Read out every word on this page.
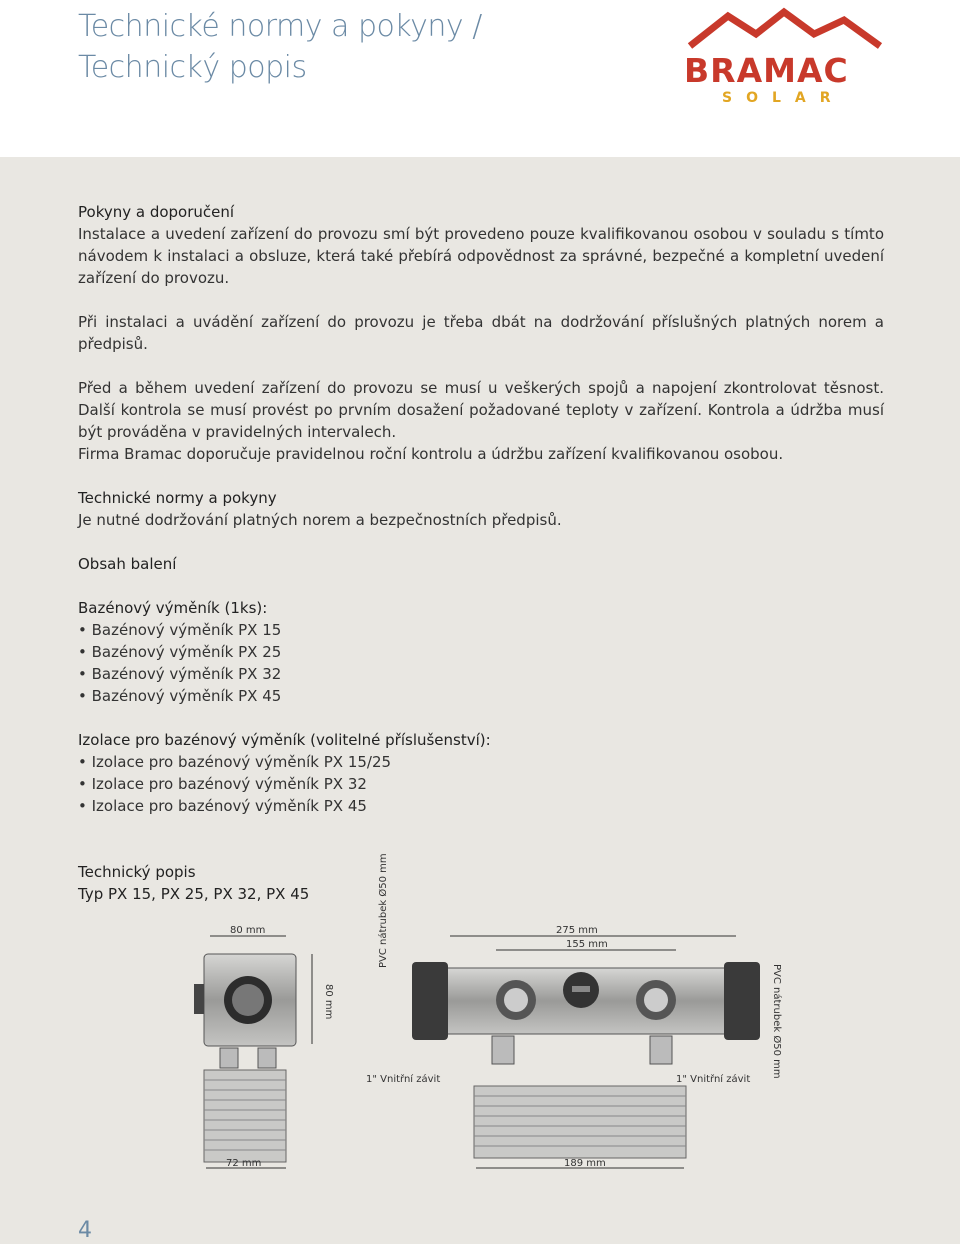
Technické normy a pokyny /
Technický popis	BRAMAC
SOLAR

Pokyny a doporučení

Instalace a uvedení zařízení do provozu smí být provedeno pouze kvalifikovanou osobou v souladu s tímto návodem k instalaci a obsluze, která také přebírá odpovědnost za správné, bezpečné a kompletní uvedení zařízení do provozu.

Při instalaci a uvádění zařízení do provozu je třeba dbát na dodržování příslušných platných norem a předpisů.

Před a během uvedení zařízení do provozu se musí u veškerých spojů a napojení zkontrolovat těsnost. Další kontrola se musí provést po prvním dosažení požadované teploty v zařízení. Kontrola a údržba musí být prováděna v pravidelných intervalech.

Firma Bramac doporučuje pravidelnou roční kontrolu a údržbu zařízení kvalifikovanou osobou.

Technické normy a pokyny

Je nutné dodržování platných norem a bezpečnostních předpisů.

Obsah balení

Bazénový výměník (1ks):

• Bazénový výměník PX 15
• Bazénový výměník PX 25
• Bazénový výměník PX 32
• Bazénový výměník PX 45

Izolace pro bazénový výměník (volitelné příslušenství):

• Izolace pro bazénový výměník PX 15/25
• Izolace pro bazénový výměník PX 32
• Izolace pro bazénový výměník PX 45

Technický popis

Typ PX 15, PX 25, PX 32, PX 45

80 mm
80 mm
PVC nátrubek Ø50 mm
72 mm
1" Vnitřní závit
275 mm
155 mm
PVC nátrubek Ø50 mm
1" Vnitřní závit
189 mm
4
